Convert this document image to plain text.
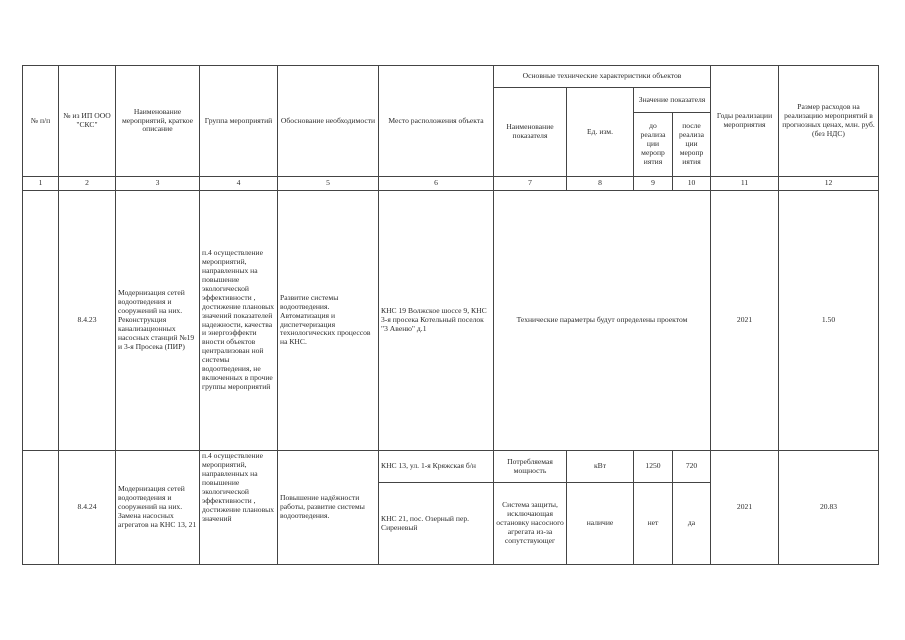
№ п/п	№ из ИП ООО "СКС"	Наименование мероприятий, краткое описание	Группа мероприятий	Обоснование необходимости	Место расположения объекта	Основные технические характеристики объектов				Годы реализации мероприятия	Размер расходов на реализацию мероприятий в прогнозных ценах, млн. руб. (без НДС)
						Наименование показателя	Ед. изм.	Значение показателя			
								до реализа ции меропр иятия	после реализа ции меропр иятия		
1	2	3	4	5	6	7	8	9	10	11	12
	8.4.23	Модернизация сетей водоотведения и сооружений на них. Реконструкция канализационных насосных станций №19 и 3-я Просека (ПИР)	п.4 осуществление мероприятий, направленных на повышение экологической эффективности , достижение плановых значений показателей надежности, качества и энергоэффекти вности объектов централизован ной системы водоотведения, не включенных в прочие группы мероприятий	Развитие системы водоотведения. Автоматизация и диспетчеризация технологических процессов на КНС.	КНС 19 Волжское шоссе 9, КНС 3-я просека Котельный поселок "3 Авеню" д.1	Технические параметры будут определены проектом				2021	1.50
	8.4.24	Модернизация сетей водоотведения и сооружений на них. Замена насосных агрегатов на КНС 13, 21	п.4 осуществление мероприятий, направленных на повышение экологической эффективности , достижение плановых значений	Повышение надёжности работы, развитие системы водоотведения.	КНС 13, ул. 1-я Кряжская б/н	Потребляемая мощность	кВт	1250	720	2021	20.83
					КНС 21, пос. Озерный пер. Сиреневый	Система защиты, исключающая остановку насосного агрегата из-за сопутствующег	наличие	нет	да		
